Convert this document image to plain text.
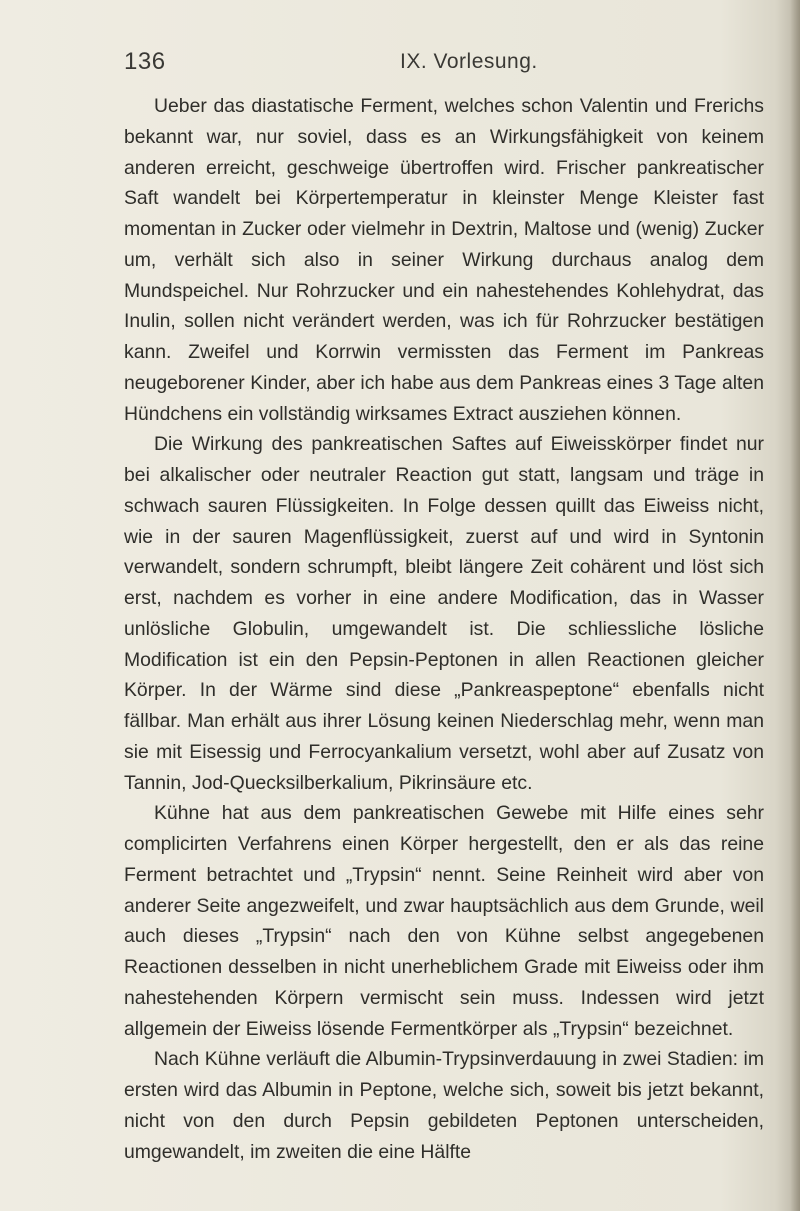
136	IX. Vorlesung.

Ueber das diastatische Ferment, welches schon Valentin und Frerichs bekannt war, nur soviel, dass es an Wirkungsfähigkeit von keinem anderen erreicht, geschweige übertroffen wird. Frischer pankreatischer Saft wandelt bei Körpertemperatur in kleinster Menge Kleister fast momentan in Zucker oder vielmehr in Dextrin, Maltose und (wenig) Zucker um, verhält sich also in seiner Wirkung durchaus analog dem Mundspeichel. Nur Rohrzucker und ein nahestehendes Kohlehydrat, das Inulin, sollen nicht verändert werden, was ich für Rohrzucker bestätigen kann. Zweifel und Korrwin vermissten das Ferment im Pankreas neugeborener Kinder, aber ich habe aus dem Pankreas eines 3 Tage alten Hündchens ein vollständig wirksames Extract ausziehen können.

Die Wirkung des pankreatischen Saftes auf Eiweisskörper findet nur bei alkalischer oder neutraler Reaction gut statt, langsam und träge in schwach sauren Flüssigkeiten. In Folge dessen quillt das Eiweiss nicht, wie in der sauren Magenflüssigkeit, zuerst auf und wird in Syntonin verwandelt, sondern schrumpft, bleibt längere Zeit cohärent und löst sich erst, nachdem es vorher in eine andere Modification, das in Wasser unlösliche Globulin, umgewandelt ist. Die schliessliche lösliche Modification ist ein den Pepsin-Peptonen in allen Reactionen gleicher Körper. In der Wärme sind diese „Pankreaspeptone“ ebenfalls nicht fällbar. Man erhält aus ihrer Lösung keinen Niederschlag mehr, wenn man sie mit Eisessig und Ferrocyankalium versetzt, wohl aber auf Zusatz von Tannin, Jod-Quecksilberkalium, Pikrinsäure etc.

Kühne hat aus dem pankreatischen Gewebe mit Hilfe eines sehr complicirten Verfahrens einen Körper hergestellt, den er als das reine Ferment betrachtet und „Trypsin“ nennt. Seine Reinheit wird aber von anderer Seite angezweifelt, und zwar hauptsächlich aus dem Grunde, weil auch dieses „Trypsin“ nach den von Kühne selbst angegebenen Reactionen desselben in nicht unerheblichem Grade mit Eiweiss oder ihm nahestehenden Körpern vermischt sein muss. Indessen wird jetzt allgemein der Eiweiss lösende Fermentkörper als „Trypsin“ bezeichnet.

Nach Kühne verläuft die Albumin-Trypsinverdauung in zwei Stadien: im ersten wird das Albumin in Peptone, welche sich, soweit bis jetzt bekannt, nicht von den durch Pepsin gebildeten Peptonen unterscheiden, umgewandelt, im zweiten die eine Hälfte
